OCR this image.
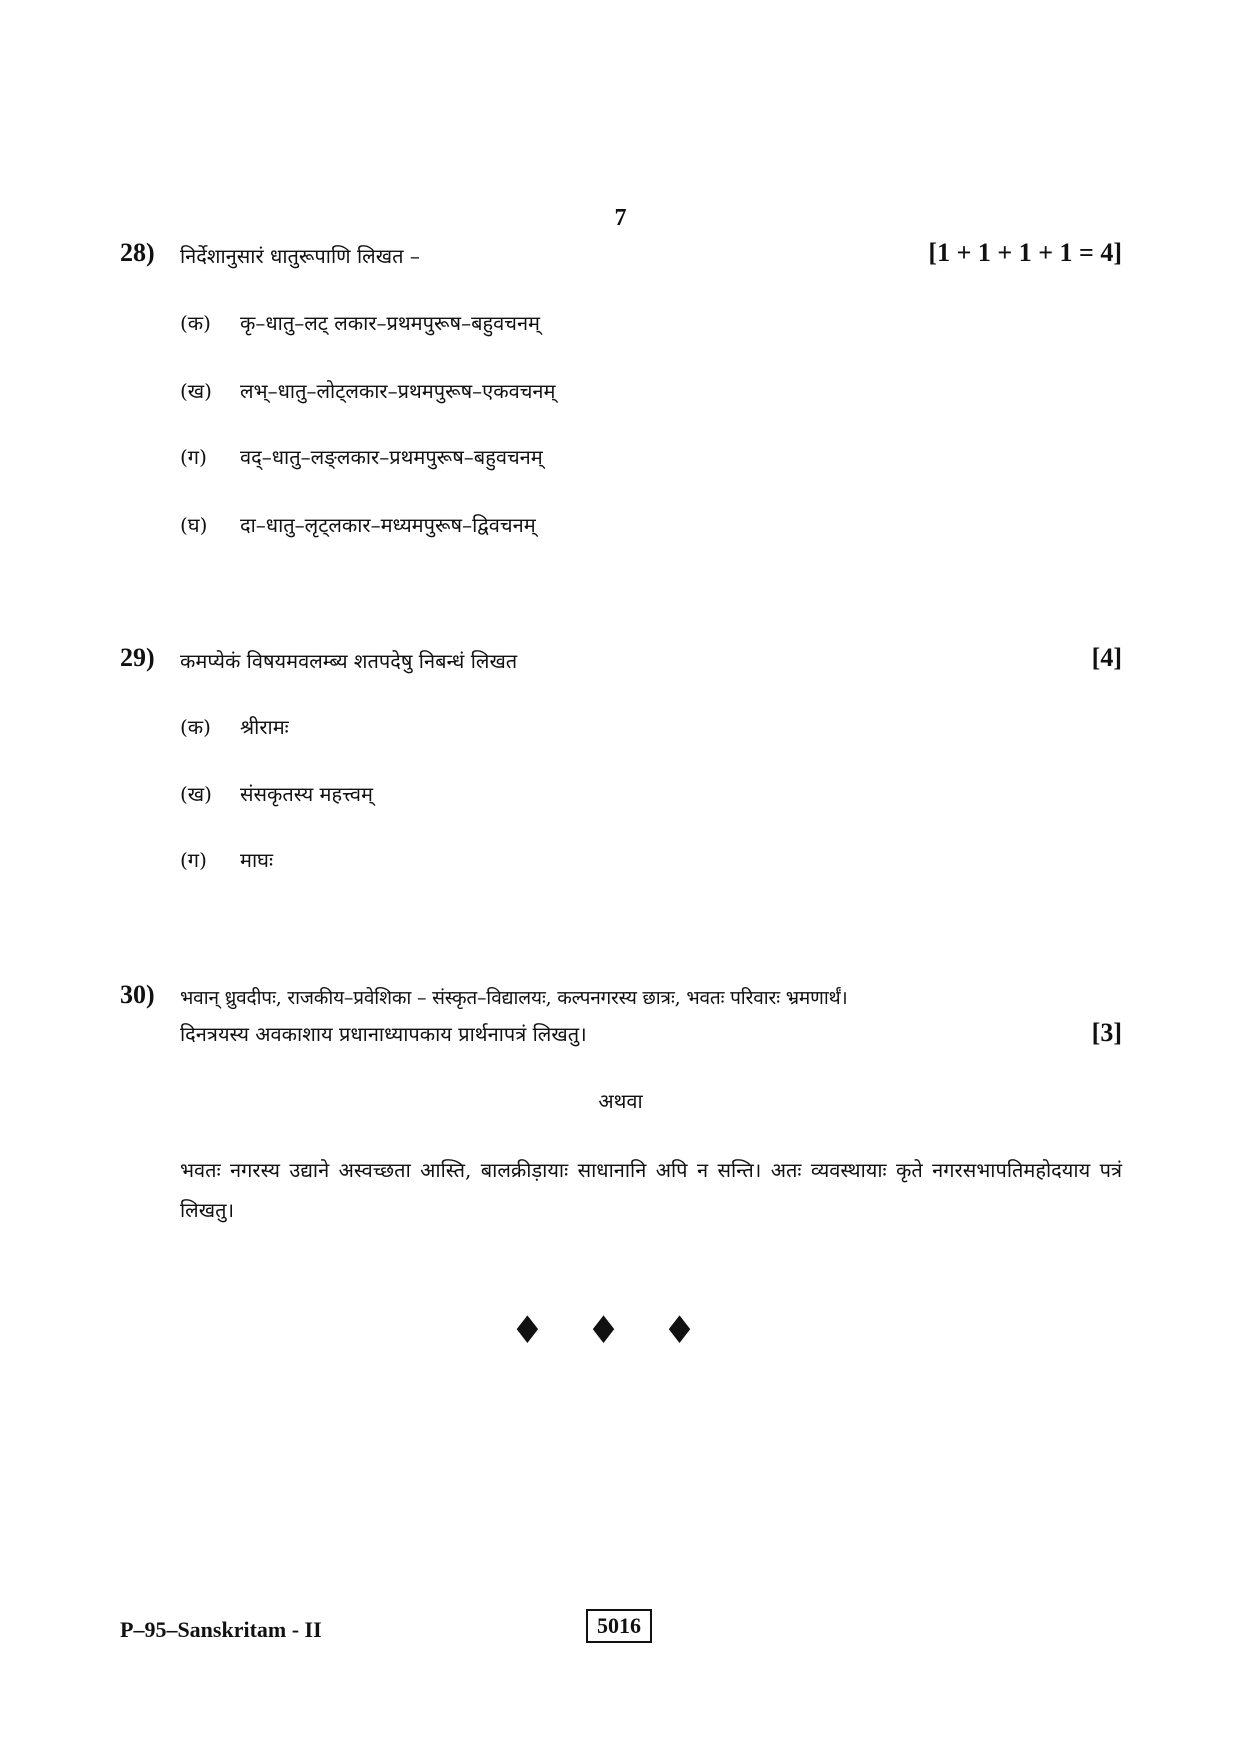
7
28) निर्देशानुसारं धातुरूपाणि लिखत –	[1 + 1 + 1 + 1 = 4]
(क) कृ–धातु–लट् लकार–प्रथमपुरूष–बहुवचनम्
(ख) लभ्–धातु–लोट्लकार–प्रथमपुरूष–एकवचनम्
(ग) वद्–धातु–लङ्लकार–प्रथमपुरूष–बहुवचनम्
(घ) दा–धातु–लृट्लकार–मध्यमपुरूष–द्विवचनम्
29) कमप्येकं विषयमवलम्ब्य शतपदेषु निबन्धं लिखत	[4]
(क) श्रीरामः
(ख) संसकृतस्य महत्त्वम्
(ग) माघः
30) भवान् ध्रुवदीपः, राजकीय–प्रवेशिका – संस्कृत–विद्यालयः, कल्पनगरस्य छात्रः, भवतः परिवारः भ्रमणार्थं।
दिनत्रयस्य अवकाशाय प्रधानाध्यापकाय प्रार्थनापत्रं लिखतु।	[3]
अथवा
भवतः नगरस्य उद्याने अस्वच्छता आस्ति, बालक्रीड़ायाः साधानानि अपि न सन्ति। अतः व्यवस्थायाः कृते नगरसभापतिमहोदयाय पत्रं लिखतु।
♦ ♦ ♦
P–95–Sanskritam - II	5016
